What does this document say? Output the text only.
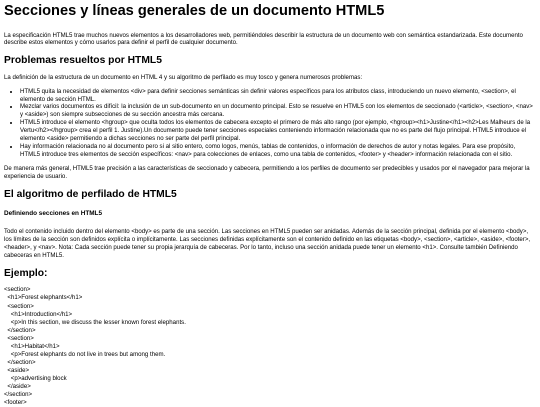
Secciones y líneas generales de un documento HTML5

La especificación HTML5 trae muchos nuevos elementos a los desarrolladores web, permitiéndoles describir la estructura de un documento web con semántica estandarizada. Este documento describe estos elementos y cómo usarlos para definir el perfil de cualquier documento.

Problemas resueltos por HTML5

La definición de la estructura de un documento en HTML 4 y su algoritmo de perfilado es muy tosco y genera numerosos problemas:

• HTML5 quita la necesidad de elementos <div> para definir secciones semánticas sin definir valores específicos para los atributos class, introduciendo un nuevo elemento, <section>, el elemento de sección HTML.
• Mezclar varios documentos es difícil: la inclusión de un sub-documento en un documento principal. Esto se resuelve en HTML5 con los elementos de seccionado (<article>, <section>, <nav> y <aside>) son siempre subsecciones de su sección ancestra más cercana.
• HTML5 introduce el elemento <hgroup> que oculta todos los elementos de cabecera excepto el primero de más alto rango (por ejemplo, <hgroup><h1>Justine</h1><h2>Les Malheurs de la Vertu</h2></hgroup> crea el perfil 1. Justine).Un documento puede tener secciones especiales conteniendo información relacionada que no es parte del flujo principal. HTML5 introduce el elemento <aside> permitiendo a dichas secciones no ser parte del perfil principal.
• Hay información relacionada no al documento pero si al sitio entero, como logos, menús, tablas de contenidos, o información de derechos de autor y notas legales. Para ese propósito, HTML5 introduce tres elementos de sección específicos: <nav> para colecciones de enlaces, como una tabla de contenidos, <footer> y <header> información relacionada con el sitio.

De manera más general, HTML5 trae precisión a las características de seccionado y cabecera, permitiendo a los perfiles de documento ser predecibles y usados por el navegador para mejorar la experiencia de usuario.

El algoritmo de perfilado de HTML5
Definiendo secciones en HTML5

Todo el contenido incluido dentro del elemento <body> es parte de una sección. Las secciones en HTML5 pueden ser anidadas. Además de la sección principal, definida por el elemento <body>, los límites de la sección son definidos explícita o implícitamente. Las secciones definidas explícitamente son el contenido definido en las etiquetas <body>, <section>, <article>, <aside>, <footer>, <header>, y <nav>. Nota: Cada sección puede tener su propia jerarquía de cabeceras. Por lo tanto, incluso una sección anidada puede tener un elemento <h1>. Consulte también Definiendo cabeceras en HTML5.

Ejemplo:
<section>
<h1>Forest elephants</h1>
<section>
<h1>Introduction</h1>
<p>In this section, we discuss the lesser known forest elephants.
</section>
<section>
<h1>Habitat</h1>
<p>Forest elephants do not live in trees but among them.
</section>
<aside>
<p>advertising block
</aside>
</section>
<footer>
